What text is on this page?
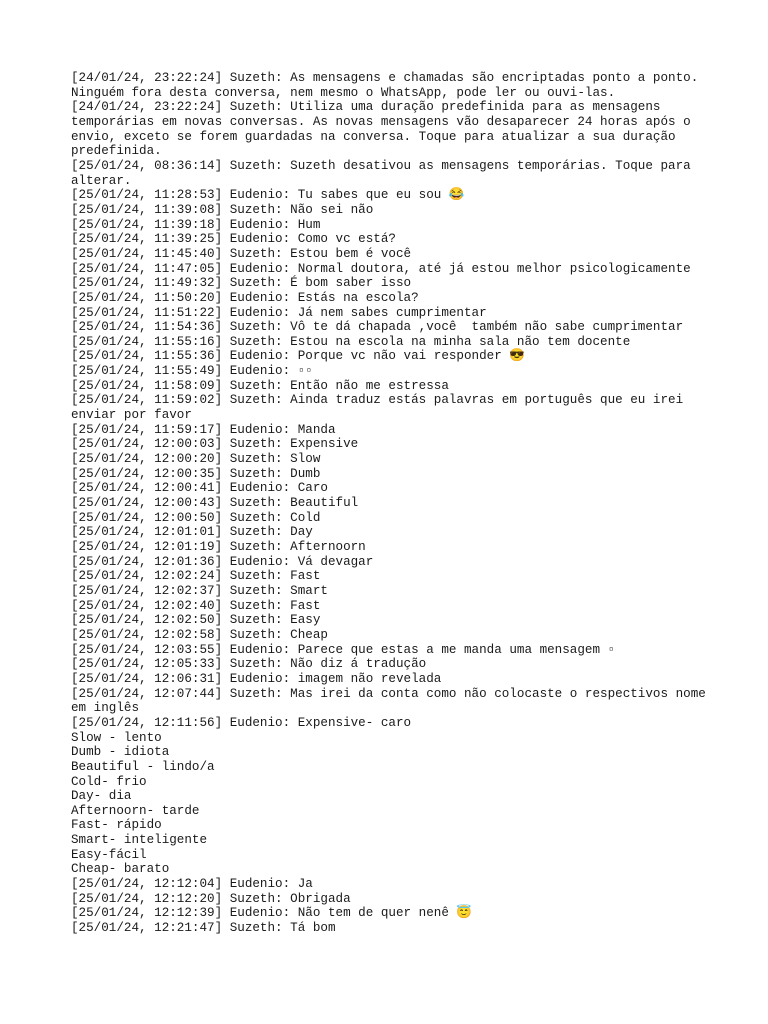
[24/01/24, 23:22:24] Suzeth: As mensagens e chamadas são encriptadas ponto a ponto. Ninguém fora desta conversa, nem mesmo o WhatsApp, pode ler ou ouvi-las.

[24/01/24, 23:22:24] Suzeth: Utiliza uma duração predefinida para as mensagens temporárias em novas conversas. As novas mensagens vão desaparecer 24 horas após o envio, exceto se forem guardadas na conversa. Toque para atualizar a sua duração predefinida.

[25/01/24, 08:36:14] Suzeth: Suzeth desativou as mensagens temporárias. Toque para alterar.

[25/01/24, 11:28:53] Eudenio: Tu sabes que eu sou 😂

[25/01/24, 11:39:08] Suzeth: Não sei não

[25/01/24, 11:39:18] Eudenio: Hum

[25/01/24, 11:39:25] Eudenio: Como vc está?

[25/01/24, 11:45:40] Suzeth: Estou bem é você

[25/01/24, 11:47:05] Eudenio: Normal doutora, até já estou melhor psicologicamente

[25/01/24, 11:49:32] Suzeth: É bom saber isso

[25/01/24, 11:50:20] Eudenio: Estás na escola?

[25/01/24, 11:51:22] Eudenio: Já nem sabes cumprimentar

[25/01/24, 11:54:36] Suzeth: Vô te dá chapada ,você  também não sabe cumprimentar

[25/01/24, 11:55:16] Suzeth: Estou na escola na minha sala não tem docente

[25/01/24, 11:55:36] Eudenio: Porque vc não vai responder 😎

[25/01/24, 11:55:49] Eudenio: ▫▫

[25/01/24, 11:58:09] Suzeth: Então não me estressa

[25/01/24, 11:59:02] Suzeth: Ainda traduz estás palavras em português que eu irei enviar por favor

[25/01/24, 11:59:17] Eudenio: Manda

[25/01/24, 12:00:03] Suzeth: Expensive

[25/01/24, 12:00:20] Suzeth: Slow

[25/01/24, 12:00:35] Suzeth: Dumb

[25/01/24, 12:00:41] Eudenio: Caro

[25/01/24, 12:00:43] Suzeth: Beautiful

[25/01/24, 12:00:50] Suzeth: Cold

[25/01/24, 12:01:01] Suzeth: Day

[25/01/24, 12:01:19] Suzeth: Afternoorn

[25/01/24, 12:01:36] Eudenio: Vá devagar

[25/01/24, 12:02:24] Suzeth: Fast

[25/01/24, 12:02:37] Suzeth: Smart

[25/01/24, 12:02:40] Suzeth: Fast

[25/01/24, 12:02:50] Suzeth: Easy

[25/01/24, 12:02:58] Suzeth: Cheap

[25/01/24, 12:03:55] Eudenio: Parece que estas a me manda uma mensagem ▫

[25/01/24, 12:05:33] Suzeth: Não diz á tradução

[25/01/24, 12:06:31] Eudenio: imagem não revelada

[25/01/24, 12:07:44] Suzeth: Mas irei da conta como não colocaste o respectivos nome em inglês

[25/01/24, 12:11:56] Eudenio: Expensive- caro

Slow - lento

Dumb - idiota

Beautiful - lindo/a

Cold- frio

Day- dia

Afternoorn- tarde

Fast- rápido

Smart- inteligente

Easy-fácil

Cheap- barato

[25/01/24, 12:12:04] Eudenio: Ja

[25/01/24, 12:12:20] Suzeth: Obrigada

[25/01/24, 12:12:39] Eudenio: Não tem de quer nenê 😇

[25/01/24, 12:21:47] Suzeth: Tá bom
